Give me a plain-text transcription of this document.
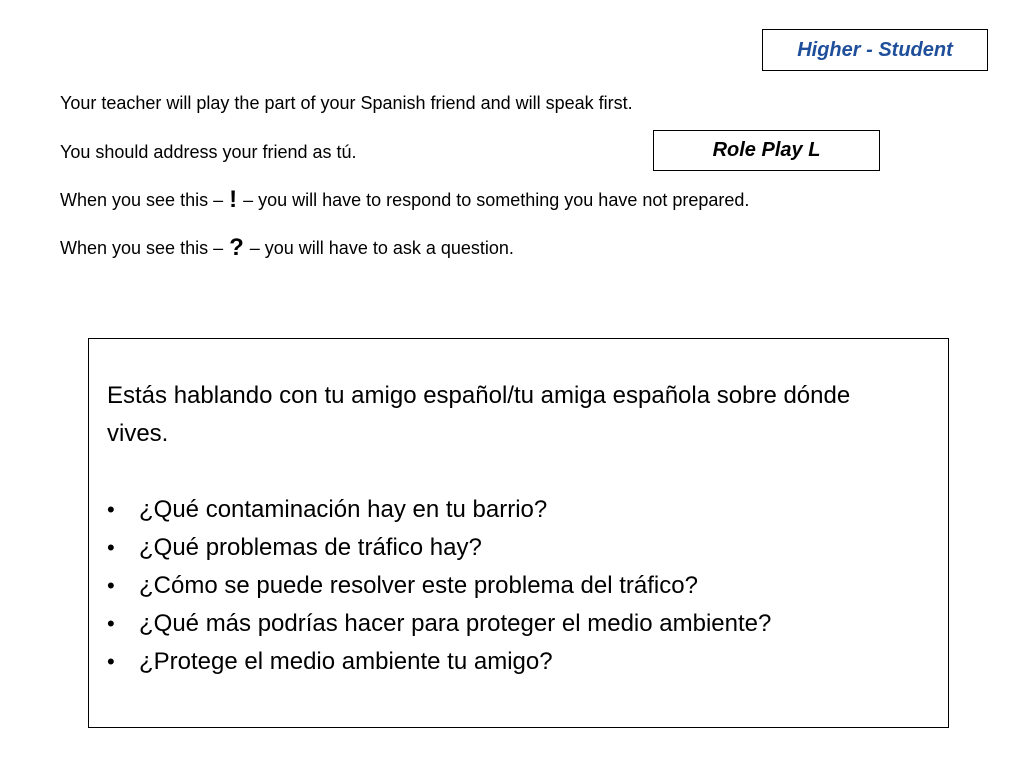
Higher - Student
Your teacher will play the part of your Spanish friend and will speak first.
Role Play L
You should address your friend as tú.
When you see this – ! – you will have to respond to something you have not prepared.
When you see this – ? – you will have to ask a question.

Estás hablando con tu amigo español/tu amiga española sobre dónde vives.

•	¿Qué contaminación hay en tu barrio?
•	¿Qué problemas de tráfico hay?
•	¿Cómo se puede resolver este problema del tráfico?
•	¿Qué más podrías hacer para proteger el medio ambiente?
•	¿Protege el medio ambiente tu amigo?
